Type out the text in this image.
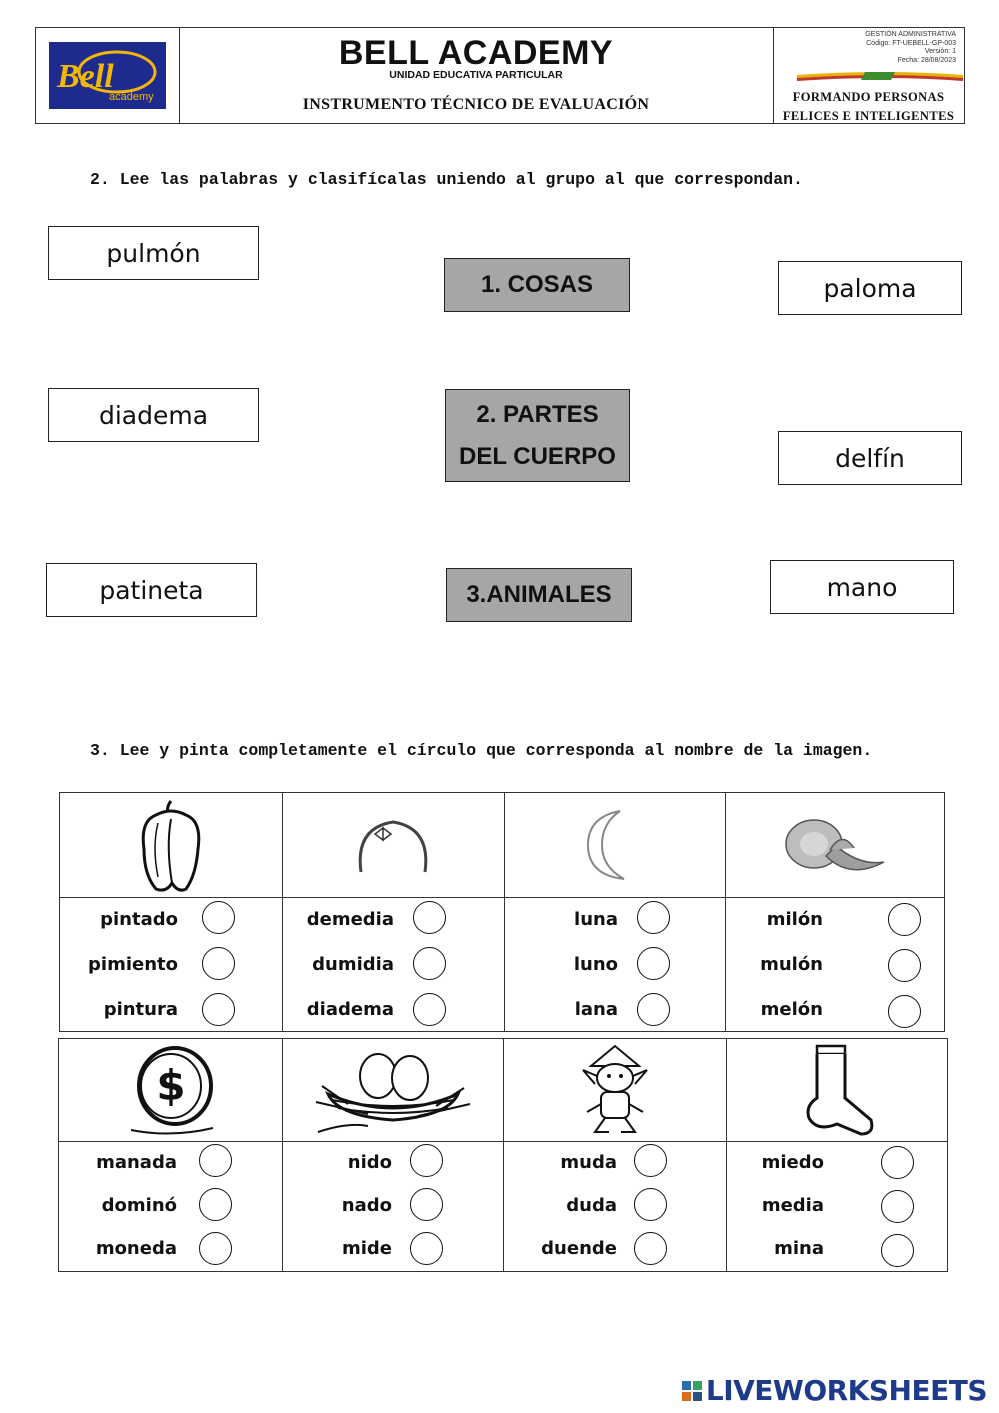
Bell
academy
BELL ACADEMY
UNIDAD EDUCATIVA PARTICULAR
INSTRUMENTO TÉCNICO DE EVALUACIÓN
GESTIÓN ADMINISTRATIVA
Código: FT-UEBELL-GP-003
Versión: 1
Fecha: 28/08/2023
FORMANDO PERSONAS
FELICES E INTELIGENTES
2. Lee las palabras y clasifícalas uniendo al grupo al que correspondan.
pulmón
diadema
patineta
1. COSAS
2. PARTES
DEL CUERPO
3.ANIMALES
paloma
delfín
mano
3. Lee y pinta completamente el círculo que corresponda al nombre de la imagen.
pintado
pimiento
pintura
demedia
dumidia
diadema
luna
luno
lana
milón
mulón
melón
$
manada
dominó
moneda
nido
nado
mide
muda
duda
duende
miedo
media
mina
LIVEWORKSHEETS
